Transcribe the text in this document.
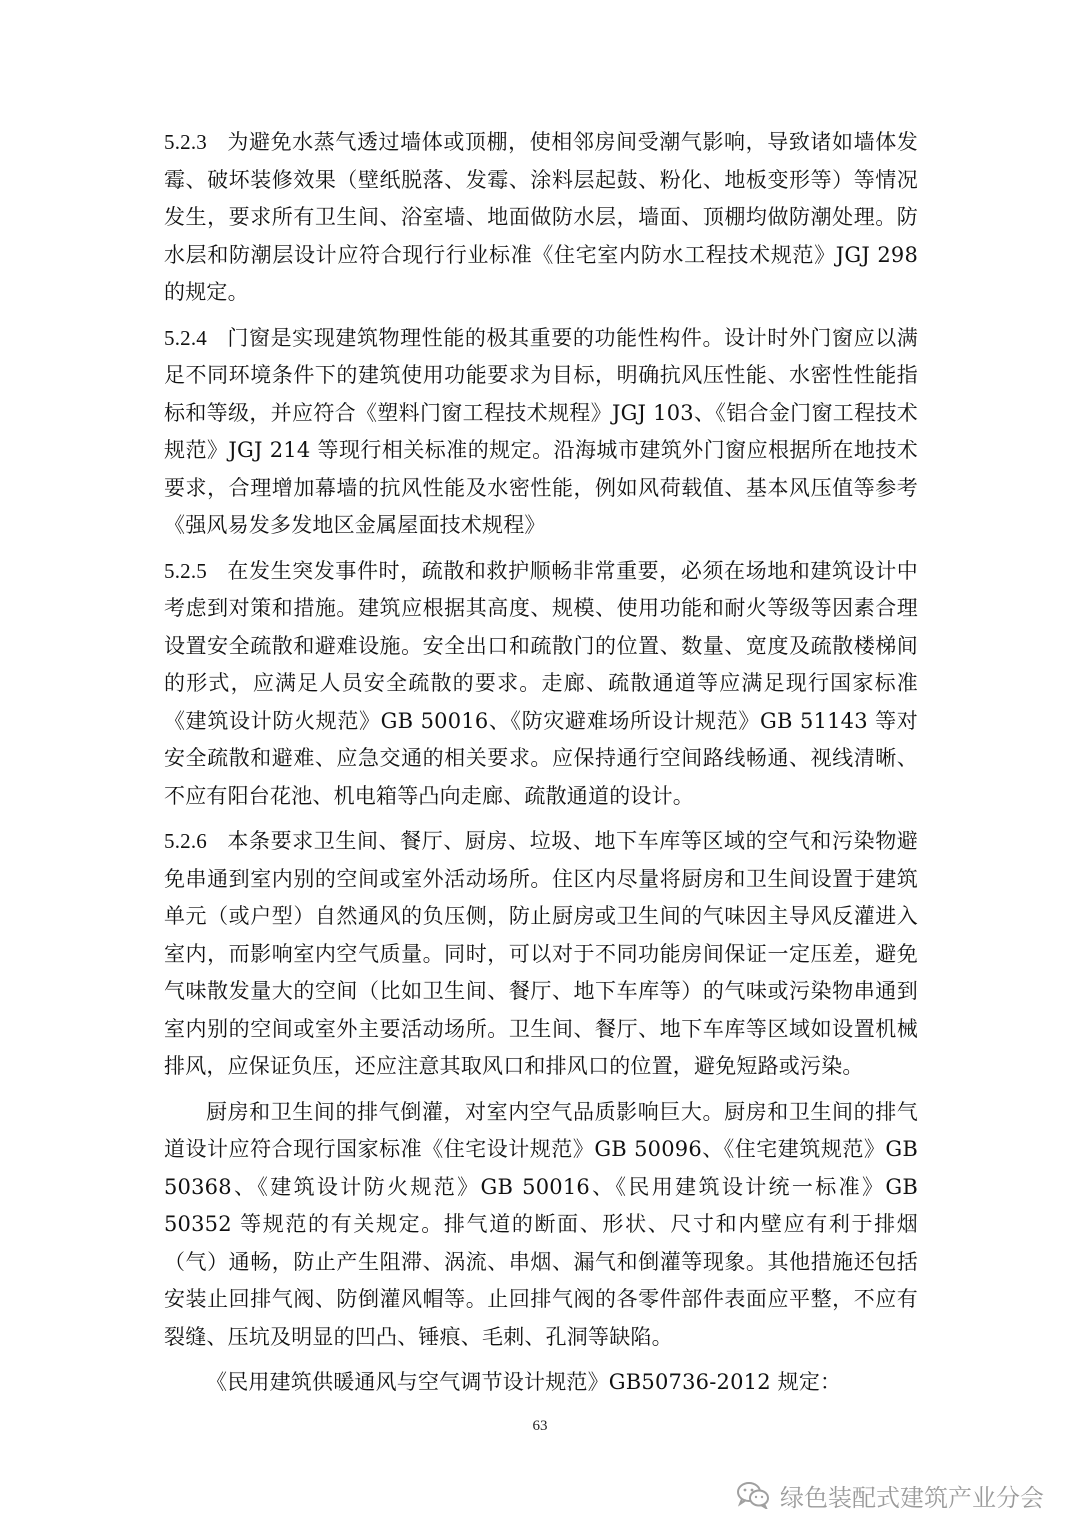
5.2.3 为避免水蒸气透过墙体或顶棚，使相邻房间受潮气影响，导致诸如墙体发霉、破坏装修效果（壁纸脱落、发霉、涂料层起鼓、粉化、地板变形等）等情况发生，要求所有卫生间、浴室墙、地面做防水层，墙面、顶棚均做防潮处理。防水层和防潮层设计应符合现行行业标准《住宅室内防水工程技术规范》JGJ 298的规定。

5.2.4 门窗是实现建筑物理性能的极其重要的功能性构件。设计时外门窗应以满足不同环境条件下的建筑使用功能要求为目标，明确抗风压性能、水密性性能指标和等级，并应符合《塑料门窗工程技术规程》JGJ 103、《铝合金门窗工程技术规范》JGJ 214 等现行相关标准的规定。沿海城市建筑外门窗应根据所在地技术要求，合理增加幕墙的抗风性能及水密性能，例如风荷载值、基本风压值等参考《强风易发多发地区金属屋面技术规程》

5.2.5 在发生突发事件时，疏散和救护顺畅非常重要，必须在场地和建筑设计中考虑到对策和措施。建筑应根据其高度、规模、使用功能和耐火等级等因素合理设置安全疏散和避难设施。安全出口和疏散门的位置、数量、宽度及疏散楼梯间的形式，应满足人员安全疏散的要求。走廊、疏散通道等应满足现行国家标准《建筑设计防火规范》GB 50016、《防灾避难场所设计规范》GB 51143 等对安全疏散和避难、应急交通的相关要求。应保持通行空间路线畅通、视线清晰、不应有阳台花池、机电箱等凸向走廊、疏散通道的设计。

5.2.6 本条要求卫生间、餐厅、厨房、垃圾、地下车库等区域的空气和污染物避免串通到室内别的空间或室外活动场所。住区内尽量将厨房和卫生间设置于建筑单元（或户型）自然通风的负压侧，防止厨房或卫生间的气味因主导风反灌进入室内，而影响室内空气质量。同时，可以对于不同功能房间保证一定压差，避免气味散发量大的空间（比如卫生间、餐厅、地下车库等）的气味或污染物串通到室内别的空间或室外主要活动场所。卫生间、餐厅、地下车库等区域如设置机械排风，应保证负压，还应注意其取风口和排风口的位置，避免短路或污染。

厨房和卫生间的排气倒灌，对室内空气品质影响巨大。厨房和卫生间的排气道设计应符合现行国家标准《住宅设计规范》GB 50096、《住宅建筑规范》GB 50368、《建筑设计防火规范》GB 50016、《民用建筑设计统一标准》GB 50352 等规范的有关规定。排气道的断面、形状、尺寸和内壁应有利于排烟（气）通畅，防止产生阻滞、涡流、串烟、漏气和倒灌等现象。其他措施还包括安装止回排气阀、防倒灌风帽等。止回排气阀的各零件部件表面应平整，不应有裂缝、压坑及明显的凹凸、锤痕、毛刺、孔洞等缺陷。

《民用建筑供暖通风与空气调节设计规范》GB50736-2012 规定：

63
绿色装配式建筑产业分会
